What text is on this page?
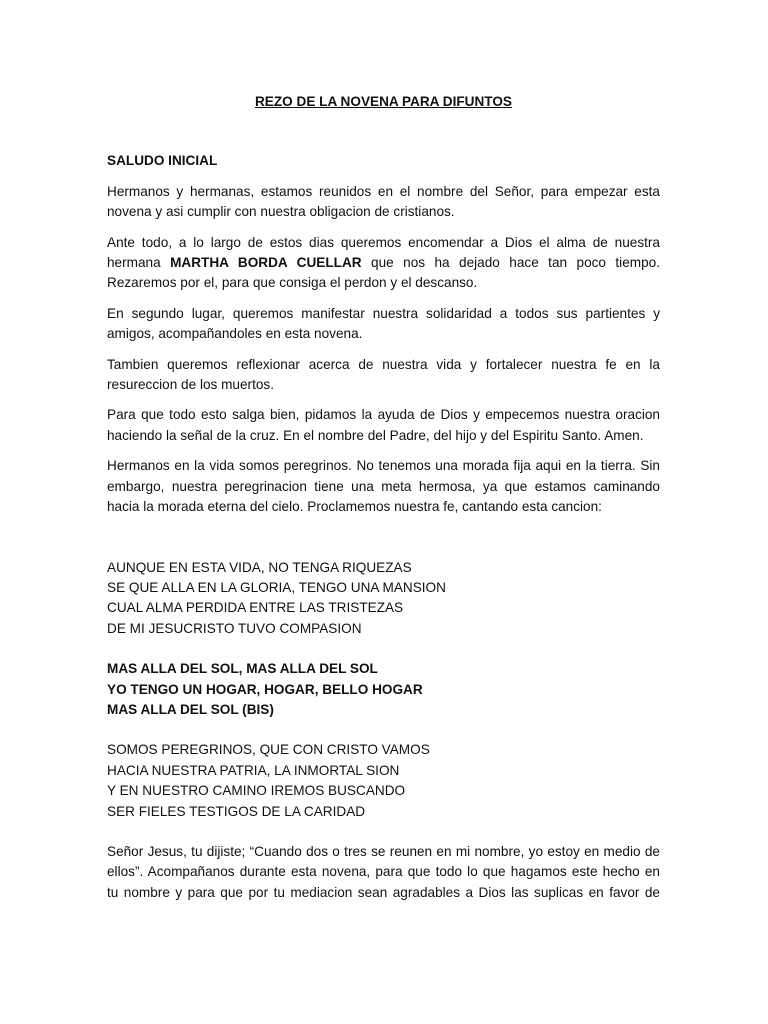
REZO DE LA NOVENA PARA DIFUNTOS
SALUDO INICIAL
Hermanos y hermanas, estamos reunidos en el nombre del Señor, para empezar esta
novena y asi cumplir con nuestra obligacion de cristianos.
Ante todo, a lo largo de estos dias queremos encomendar a Dios el alma de nuestra
hermana MARTHA BORDA CUELLAR que nos ha dejado hace tan poco tiempo.
Rezaremos por el, para que consiga el perdon y el descanso.
En segundo lugar, queremos manifestar nuestra solidaridad a todos sus partientes y
amigos, acompañandoles en esta novena.
Tambien queremos reflexionar acerca de nuestra vida y fortalecer nuestra fe en la
resureccion de los muertos.
Para que todo esto salga bien, pidamos la ayuda de Dios y empecemos nuestra oracion
haciendo la señal de la cruz. En el nombre del Padre, del hijo y del Espiritu Santo. Amen.
Hermanos en la vida somos peregrinos. No tenemos una morada fija aqui en la tierra. Sin
embargo, nuestra peregrinacion tiene una meta hermosa, ya que estamos caminando
hacia la morada eterna del cielo. Proclamemos nuestra fe, cantando esta cancion:
AUNQUE EN ESTA VIDA, NO TENGA RIQUEZAS
SE QUE ALLA EN LA GLORIA, TENGO UNA MANSION
CUAL ALMA PERDIDA ENTRE LAS TRISTEZAS
DE MI JESUCRISTO TUVO COMPASION
MAS ALLA DEL SOL, MAS ALLA DEL SOL
YO TENGO UN HOGAR, HOGAR, BELLO HOGAR
MAS ALLA DEL SOL (BIS)
SOMOS PEREGRINOS, QUE CON CRISTO VAMOS
HACIA NUESTRA PATRIA, LA INMORTAL SION
Y EN NUESTRO CAMINO IREMOS BUSCANDO
SER FIELES TESTIGOS DE LA CARIDAD
Señor Jesus, tu dijiste; “Cuando dos o tres se reunen en mi nombre, yo estoy en medio de
ellos”. Acompañanos durante esta novena, para que todo lo que hagamos este hecho en
tu nombre y para que por tu mediacion sean agradables a Dios las suplicas en favor de
